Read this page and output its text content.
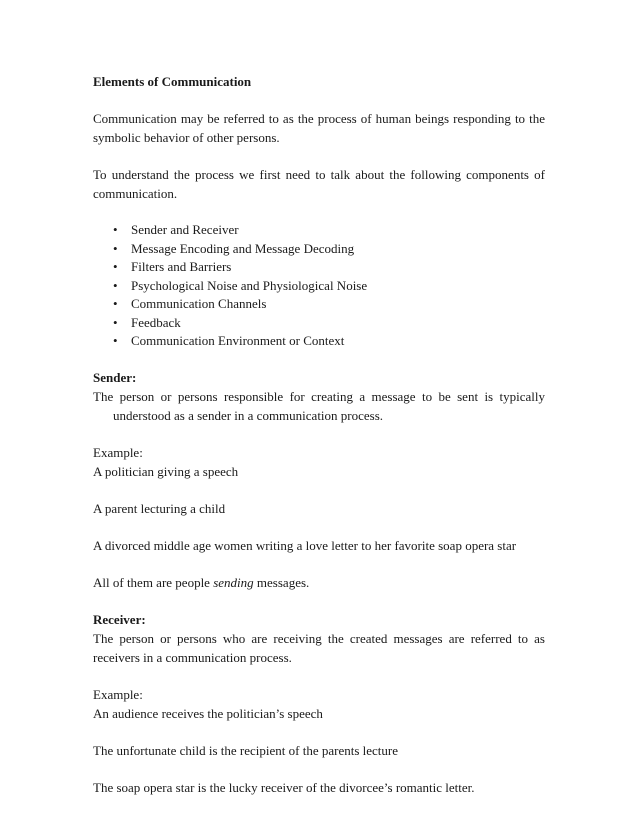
Elements of Communication

Communication may be referred to as the process of human beings responding to the symbolic behavior of other persons.

To understand the process we first need to talk about the following components of communication.

• Sender and Receiver
• Message Encoding and Message Decoding
• Filters and Barriers
• Psychological Noise and Physiological Noise
• Communication Channels
• Feedback
• Communication Environment or Context

Sender:

The person or persons responsible for creating a message to be sent is typically
understood as a sender in a communication process.

Example:

A politician giving a speech

A parent lecturing a child

A divorced middle age women writing a love letter to her favorite soap opera star

All of them are people sending messages.

Receiver:

The person or persons who are receiving the created messages are referred to as receivers in a communication process.

Example:

An audience receives the politician’s speech

The unfortunate child is the recipient of the parents lecture

The soap opera star is the lucky receiver of the divorcee’s romantic letter.
